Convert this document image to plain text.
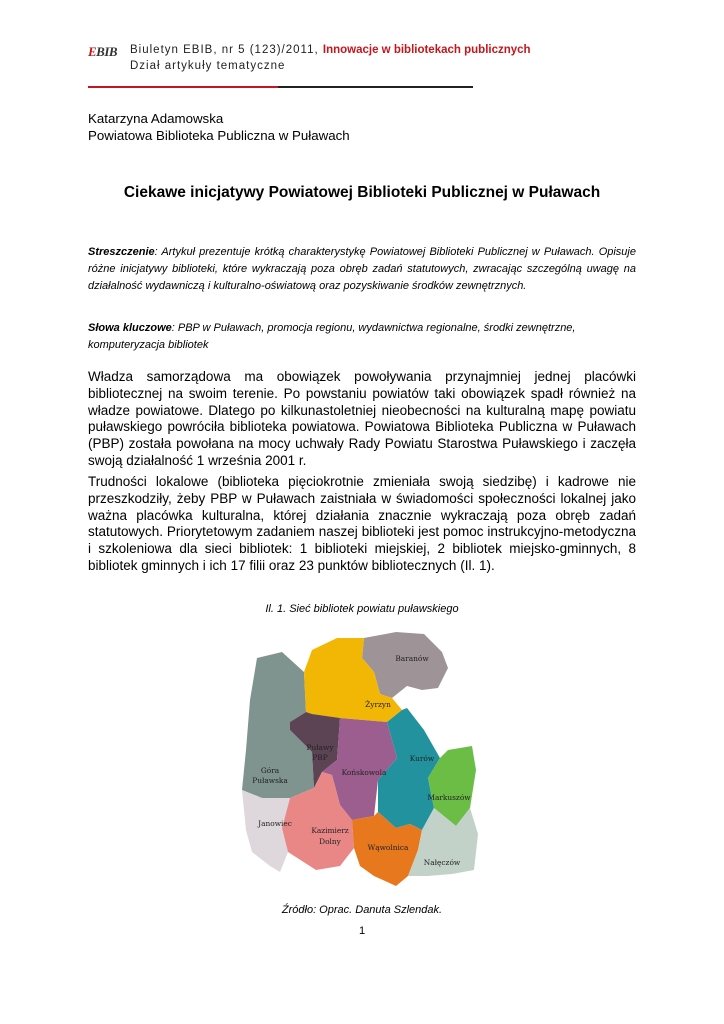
EBIB Biuletyn EBIB, nr 5 (123)/2011, Innowacje w bibliotekach publicznych
Dział artykuły tematyczne
Katarzyna Adamowska
Powiatowa Biblioteka Publiczna w Puławach
Ciekawe inicjatywy Powiatowej Biblioteki Publicznej w Puławach
Streszczenie: Artykuł prezentuje krótką charakterystykę Powiatowej Biblioteki Publicznej w Puławach. Opisuje różne inicjatywy biblioteki, które wykraczają poza obręb zadań statutowych, zwracając szczególną uwagę na działalność wydawniczą i kulturalno-oświatową oraz pozyskiwanie środków zewnętrznych.
Słowa kluczowe: PBP w Puławach, promocja regionu, wydawnictwa regionalne, środki zewnętrzne, komputeryzacja bibliotek
Władza samorządowa ma obowiązek powoływania przynajmniej jednej placówki bibliotecznej na swoim terenie. Po powstaniu powiatów taki obowiązek spadł również na władze powiatowe. Dlatego po kilkunastoletniej nieobecności na kulturalną mapę powiatu puławskiego powróciła biblioteka powiatowa. Powiatowa Biblioteka Publiczna w Puławach (PBP) została powołana na mocy uchwały Rady Powiatu Starostwa Puławskiego i zaczęła swoją działalność 1 września 2001 r.
Trudności lokalowe (biblioteka pięciokrotnie zmieniała swoją siedzibę) i kadrowe nie przeszkodziły, żeby PBP w Puławach zaistniała w świadomości społeczności lokalnej jako ważna placówka kulturalna, której działania znacznie wykraczają poza obręb zadań statutowych. Priorytetowym zadaniem naszej biblioteki jest pomoc instrukcyjno-metodyczna i szkoleniowa dla sieci bibliotek: 1 biblioteki miejskiej, 2 bibliotek miejsko-gminnych, 8 bibliotek gminnych i ich 17 filii oraz 23 punktów bibliotecznych (Il. 1).
Il. 1. Sieć bibliotek powiatu puławskiego
Baranów
Żyrzyn
Góra
Puławska
Puławy
PBP
Końskowola
Kurów
Markuszów
Janowiec
Kazimierz
Dolny
Wąwolnica
Nałęczów
Źródło: Oprac. Danuta Szlendak.
1
